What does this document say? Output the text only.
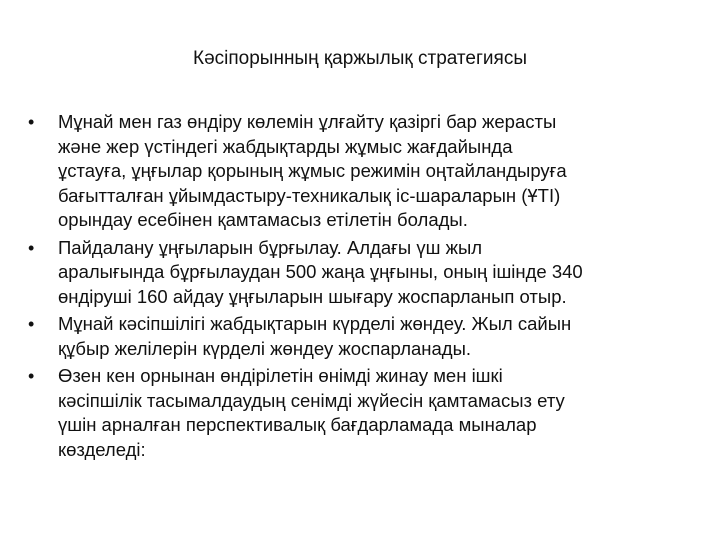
Кәсіпорынның қаржылық стратегиясы
•	Мұнай мен газ өндіру көлемін ұлғайту қазіргі бар жерасты
және жер үстіндегі жабдықтарды жұмыс жағдайында
ұстауға, ұңғылар қорының жұмыс режимін оңтайландыруға
бағытталған ұйымдастыру-техникалық іс-шараларын (ҰТІ)
орындау есебінен қамтамасыз етілетін болады.
•	Пайдалану ұңғыларын бұрғылау. Алдағы үш жыл
аралығында бұрғылаудан 500 жаңа ұңғыны, оның ішінде 340
өндіруші 160 айдау ұңғыларын шығару жоспарланып отыр.
•	Мұнай кәсіпшілігі жабдықтарын күрделі жөндеу. Жыл сайын
құбыр желілерін күрделі жөндеу жоспарланады.
•	Өзен кен орнынан өндірілетін өнімді жинау мен ішкі
кәсіпшілік тасымалдаудың сенімді жүйесін қамтамасыз ету
үшін арналған перспективалық бағдарламада мыналар
көзделеді:
